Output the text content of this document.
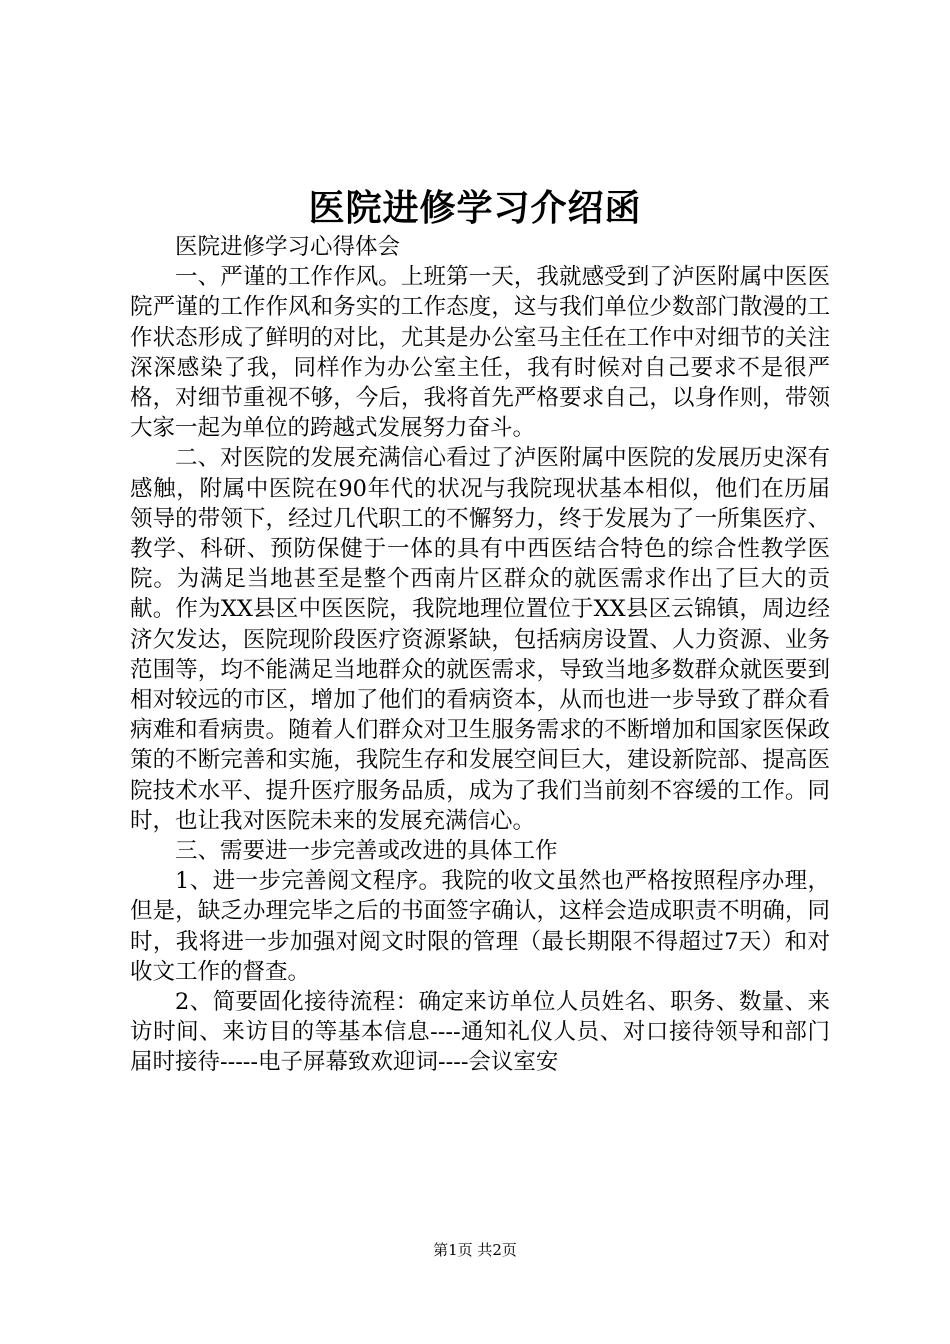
医院进修学习介绍函

医院进修学习心得体会

一、严谨的工作作风。上班第一天，我就感受到了泸医附属中医医院严谨的工作作风和务实的工作态度，这与我们单位少数部门散漫的工作状态形成了鲜明的对比，尤其是办公室马主任在工作中对细节的关注深深感染了我，同样作为办公室主任，我有时候对自己要求不是很严格，对细节重视不够，今后，我将首先严格要求自己，以身作则，带领大家一起为单位的跨越式发展努力奋斗。

二、对医院的发展充满信心看过了泸医附属中医院的发展历史深有感触，附属中医院在90年代的状况与我院现状基本相似，他们在历届领导的带领下，经过几代职工的不懈努力，终于发展为了一所集医疗、教学、科研、预防保健于一体的具有中西医结合特色的综合性教学医院。为满足当地甚至是整个西南片区群众的就医需求作出了巨大的贡献。作为XX县区中医医院，我院地理位置位于XX县区云锦镇，周边经济欠发达，医院现阶段医疗资源紧缺，包括病房设置、人力资源、业务范围等，均不能满足当地群众的就医需求，导致当地多数群众就医要到相对较远的市区，增加了他们的看病资本，从而也进一步导致了群众看病难和看病贵。随着人们群众对卫生服务需求的不断增加和国家医保政策的不断完善和实施，我院生存和发展空间巨大，建设新院部、提高医院技术水平、提升医疗服务品质，成为了我们当前刻不容缓的工作。同时，也让我对医院未来的发展充满信心。

三、需要进一步完善或改进的具体工作

1、进一步完善阅文程序。我院的收文虽然也严格按照程序办理，但是，缺乏办理完毕之后的书面签字确认，这样会造成职责不明确，同时，我将进一步加强对阅文时限的管理（最长期限不得超过7天）和对收文工作的督查。

2、简要固化接待流程：确定来访单位人员姓名、职务、数量、来访时间、来访目的等基本信息----通知礼仪人员、对口接待领导和部门届时接待-----电子屏幕致欢迎词----会议室安

第1页 共2页
